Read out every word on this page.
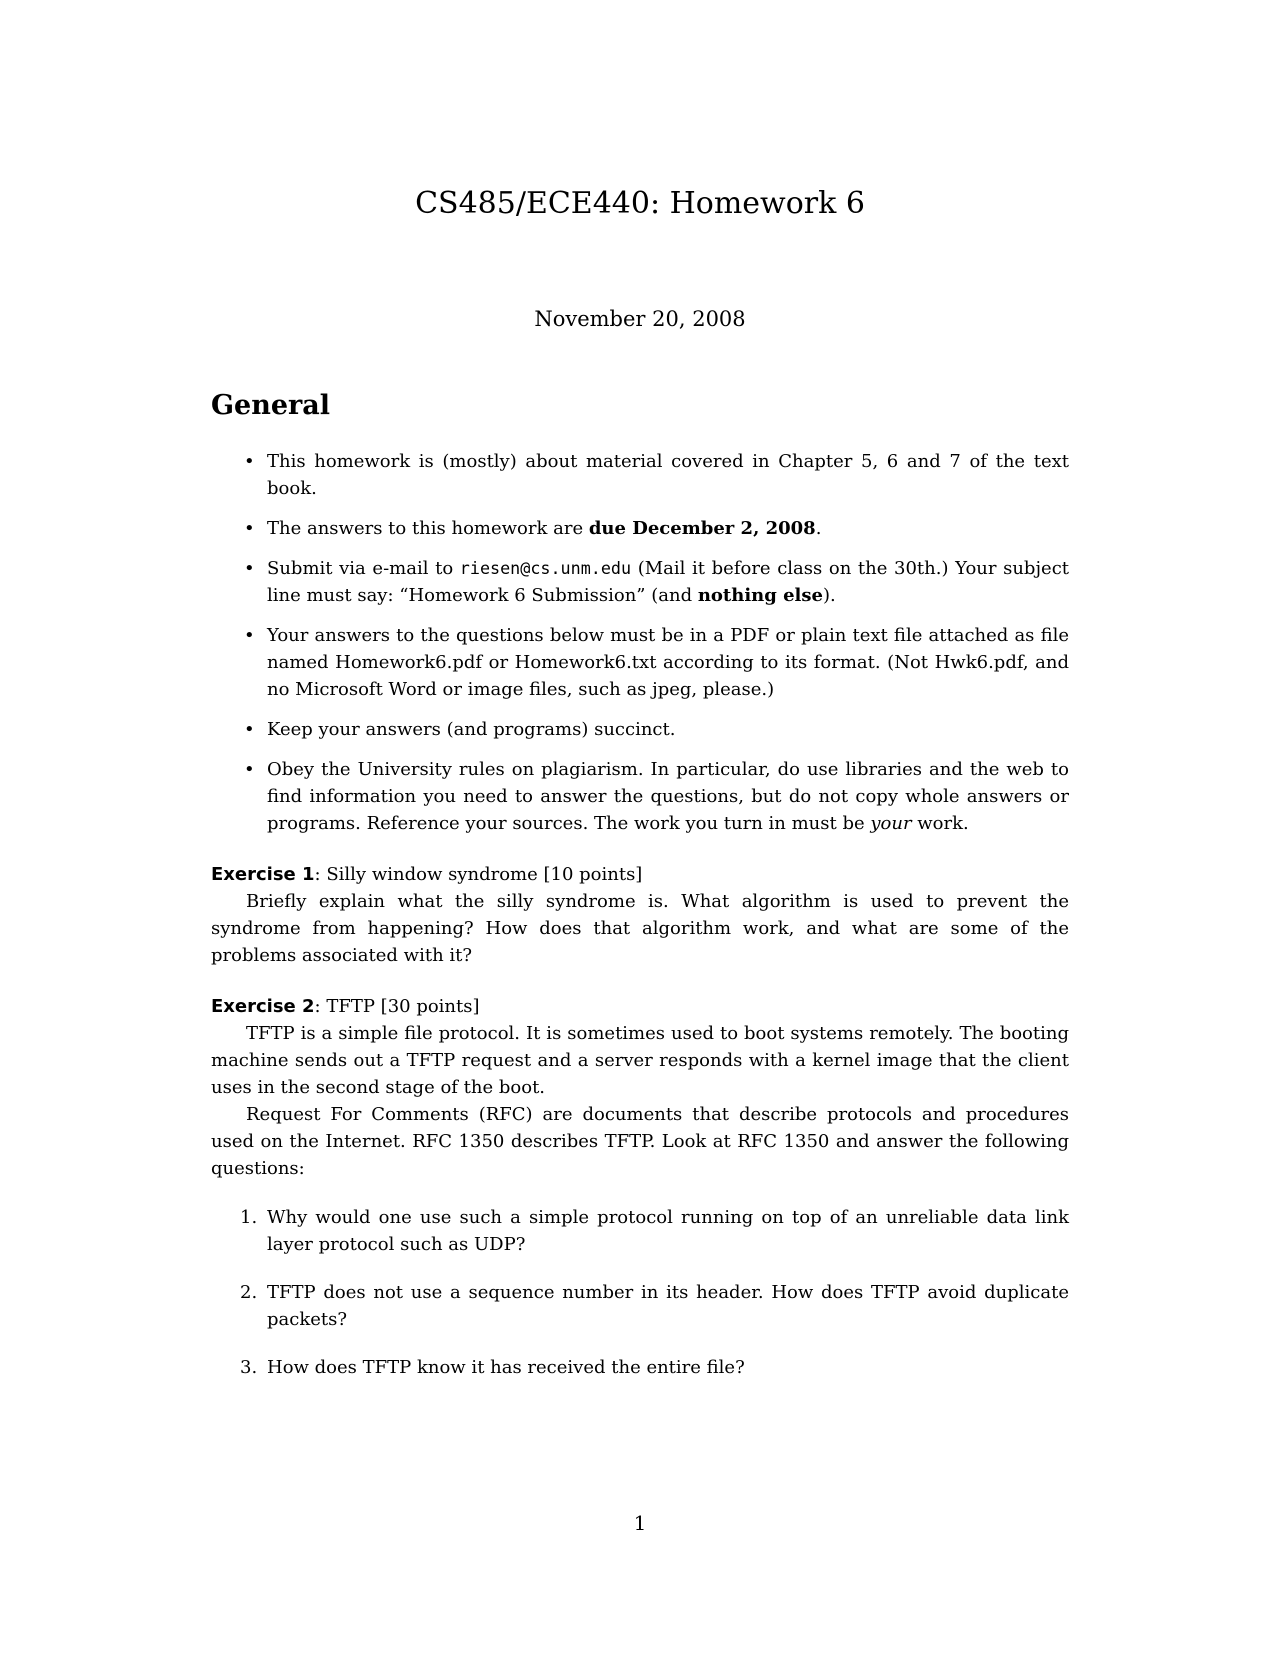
CS485/ECE440: Homework 6
November 20, 2008
General
• This homework is (mostly) about material covered in Chapter 5, 6 and 7 of the text book.
• The answers to this homework are due December 2, 2008.
• Submit via e-mail to riesen@cs.unm.edu (Mail it before class on the 30th.) Your subject line must say: “Homework 6 Submission” (and nothing else).
• Your answers to the questions below must be in a PDF or plain text file attached as file named Homework6.pdf or Homework6.txt according to its format. (Not Hwk6.pdf, and no Microsoft Word or image files, such as jpeg, please.)
• Keep your answers (and programs) succinct.
• Obey the University rules on plagiarism. In particular, do use libraries and the web to find information you need to answer the questions, but do not copy whole answers or programs. Reference your sources. The work you turn in must be your work.

Exercise 1: Silly window syndrome [10 points]

Briefly explain what the silly syndrome is. What algorithm is used to prevent the syndrome from happening? How does that algorithm work, and what are some of the problems associated with it?

Exercise 2: TFTP [30 points]

TFTP is a simple file protocol. It is sometimes used to boot systems remotely. The booting machine sends out a TFTP request and a server responds with a kernel image that the client uses in the second stage of the boot.

Request For Comments (RFC) are documents that describe protocols and procedures used on the Internet. RFC 1350 describes TFTP. Look at RFC 1350 and answer the following questions:

1. Why would one use such a simple protocol running on top of an unreliable data link layer protocol such as UDP?
2. TFTP does not use a sequence number in its header. How does TFTP avoid duplicate packets?
3. How does TFTP know it has received the entire file?
1
